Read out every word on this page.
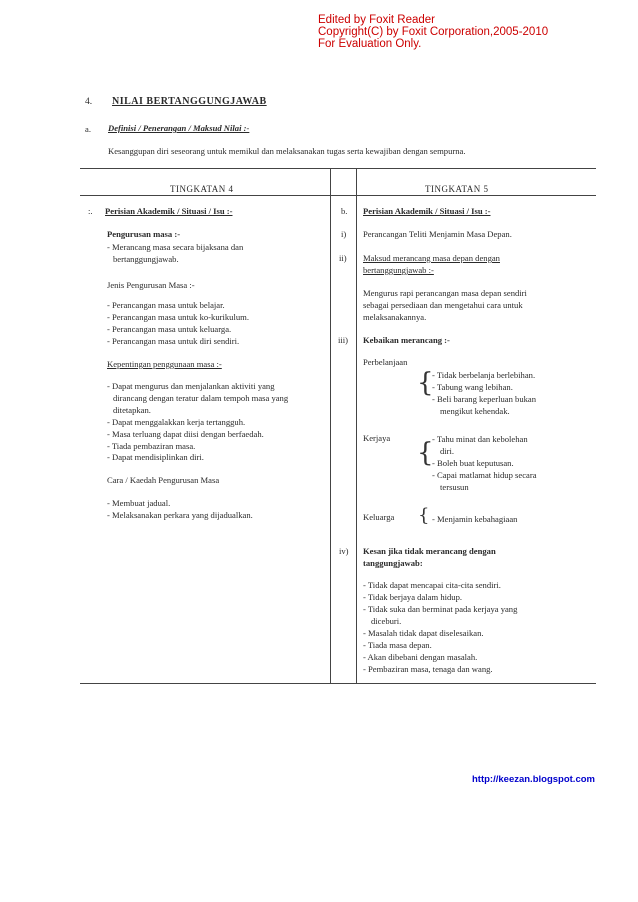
Edited by Foxit Reader
Copyright(C) by Foxit Corporation,2005-2010
For Evaluation Only.
4. NILAI BERTANGGUNGJAWAB
a. Definisi / Penerangan / Maksud Nilai :-
Kesanggupan diri seseorang untuk memikul dan melaksanakan tugas serta kewajiban dengan sempurna.
TINGKATAN 4	TINGKATAN 5
:. Perisian Akademik / Situasi / Isu :-
Pengurusan masa :-
- Merancang masa secara bijaksana dan
bertanggungjawab.
Jenis Pengurusan Masa :-
- Perancangan masa untuk belajar.
- Perancangan masa untuk ko-kurikulum.
- Perancangan masa untuk keluarga.
- Perancangan masa untuk diri sendiri.
Kepentingan penggunaan masa :-
- Dapat mengurus dan menjalankan aktiviti yang
dirancang dengan teratur dalam tempoh masa yang
ditetapkan.
- Dapat menggalakkan kerja tertangguh.
- Masa terluang dapat diisi dengan berfaedah.
- Tiada pembaziran masa.
- Dapat mendisiplinkan diri.
Cara / Kaedah Pengurusan Masa
- Membuat jadual.
- Melaksanakan perkara yang dijadualkan.
b. Perisian Akademik / Situasi / Isu :-
i) Perancangan Teliti Menjamin Masa Depan.
ii) Maksud merancang masa depan dengan
bertanggungjawab :-
Mengurus rapi perancangan masa depan sendiri
sebagai persediaan dan mengetahui cara untuk
melaksanakannya.
iii) Kebaikan merancang :-
Perbelanjaan
{
- Tidak berbelanja berlebihan.
- Tabung wang lebihan.
- Beli barang keperluan bukan
mengikut kehendak.
Kerjaya {
- Tahu minat dan kebolehan
diri.
- Boleh buat keputusan.
- Capai matlamat hidup secara
tersusun
Keluarga { - Menjamin kebahagiaan
iv) Kesan jika tidak merancang dengan
tanggungjawab:
- Tidak dapat mencapai cita-cita sendiri.
- Tidak berjaya dalam hidup.
- Tidak suka dan berminat pada kerjaya yang
diceburi.
- Masalah tidak dapat diselesaikan.
- Tiada masa depan.
- Akan dibebani dengan masalah.
- Pembaziran masa, tenaga dan wang.
http://keezan.blogspot.com
